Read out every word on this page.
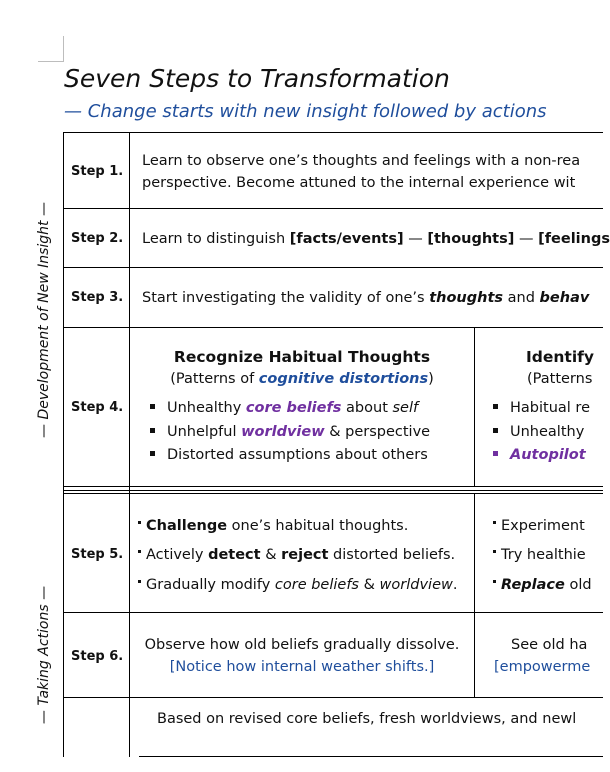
Seven Steps to Transformation
— Change starts with new insight followed by actions
— Development of New Insight —
— Taking Actions —
Step 1.
Learn to observe one’s thoughts and feelings with a non-rea
perspective. Become attuned to the internal experience wit
Step 2. Learn to distinguish [facts/events] — [thoughts] — [feelings
Step 3. Start investigating the validity of one’s thoughts and behav
Step 4.
Recognize Habitual Thoughts
(Patterns of cognitive distortions)
Unhealthy core beliefs about self
Unhelpful worldview & perspective
Distorted assumptions about others
Identify
(Patterns
Habitual re
Unhealthy
Autopilot
Step 5.
Challenge one’s habitual thoughts.
Actively detect & reject distorted beliefs.
Gradually modify core beliefs & worldview.
Experiment
Try healthie
Replace old
Step 6.
Observe how old beliefs gradually dissolve.
[Notice how internal weather shifts.]
See old ha
[empowerme
Based on revised core beliefs, fresh worldviews, and newl
